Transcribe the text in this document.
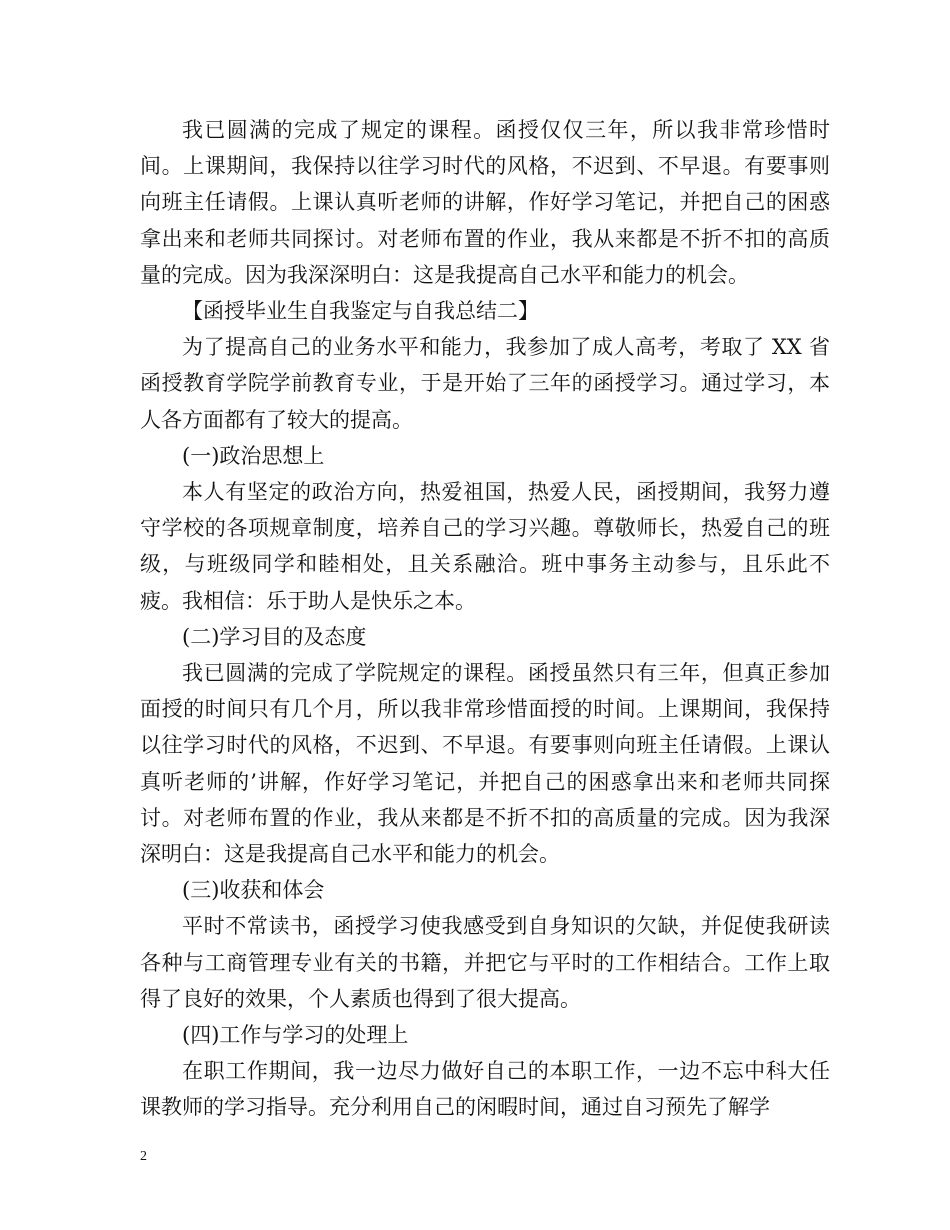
我已圆满的完成了规定的课程。函授仅仅三年，所以我非常珍惜时间。上课期间，我保持以往学习时代的风格，不迟到、不早退。有要事则向班主任请假。上课认真听老师的讲解，作好学习笔记，并把自己的困惑拿出来和老师共同探讨。对老师布置的作业，我从来都是不折不扣的高质量的完成。因为我深深明白：这是我提高自己水平和能力的机会。

【函授毕业生自我鉴定与自我总结二】

为了提高自己的业务水平和能力，我参加了成人高考，考取了 XX 省函授教育学院学前教育专业，于是开始了三年的函授学习。通过学习，本人各方面都有了较大的提高。

(一)政治思想上

本人有坚定的政治方向，热爱祖国，热爱人民，函授期间，我努力遵守学校的各项规章制度，培养自己的学习兴趣。尊敬师长，热爱自己的班级，与班级同学和睦相处，且关系融洽。班中事务主动参与，且乐此不疲。我相信：乐于助人是快乐之本。

(二)学习目的及态度

我已圆满的完成了学院规定的课程。函授虽然只有三年，但真正参加面授的时间只有几个月，所以我非常珍惜面授的时间。上课期间，我保持以往学习时代的风格，不迟到、不早退。有要事则向班主任请假。上课认真听老师的’讲解，作好学习笔记，并把自己的困惑拿出来和老师共同探讨。对老师布置的作业，我从来都是不折不扣的高质量的完成。因为我深深明白：这是我提高自己水平和能力的机会。

(三)收获和体会

平时不常读书，函授学习使我感受到自身知识的欠缺，并促使我研读各种与工商管理专业有关的书籍，并把它与平时的工作相结合。工作上取得了良好的效果，个人素质也得到了很大提高。

(四)工作与学习的处理上

在职工作期间，我一边尽力做好自己的本职工作，一边不忘中科大任课教师的学习指导。充分利用自己的闲暇时间，通过自习预先了解学

2
